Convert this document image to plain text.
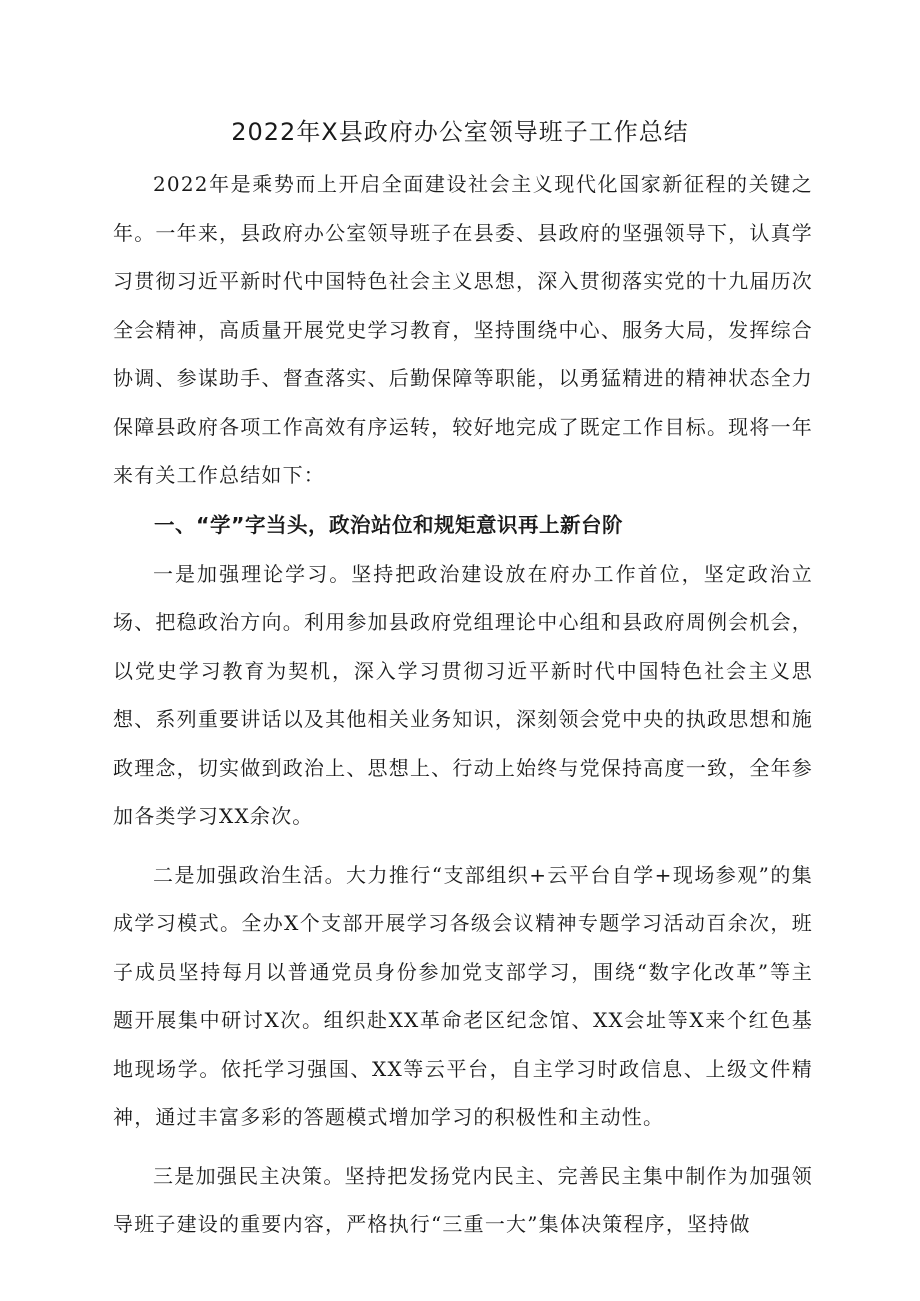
2022年X县政府办公室领导班子工作总结

2022年是乘势而上开启全面建设社会主义现代化国家新征程的关键之年。一年来，县政府办公室领导班子在县委、县政府的坚强领导下，认真学习贯彻习近平新时代中国特色社会主义思想，深入贯彻落实党的十九届历次全会精神，高质量开展党史学习教育，坚持围绕中心、服务大局，发挥综合协调、参谋助手、督查落实、后勤保障等职能，以勇猛精进的精神状态全力保障县政府各项工作高效有序运转，较好地完成了既定工作目标。现将一年来有关工作总结如下：

一、“学”字当头，政治站位和规矩意识再上新台阶

一是加强理论学习。坚持把政治建设放在府办工作首位，坚定政治立场、把稳政治方向。利用参加县政府党组理论中心组和县政府周例会机会，以党史学习教育为契机，深入学习贯彻习近平新时代中国特色社会主义思想、系列重要讲话以及其他相关业务知识，深刻领会党中央的执政思想和施政理念，切实做到政治上、思想上、行动上始终与党保持高度一致，全年参加各类学习XX余次。

二是加强政治生活。大力推行“支部组织+云平台自学+现场参观”的集成学习模式。全办X个支部开展学习各级会议精神专题学习活动百余次，班子成员坚持每月以普通党员身份参加党支部学习，围绕“数字化改革”等主题开展集中研讨X次。组织赴XX革命老区纪念馆、XX会址等X来个红色基地现场学。依托学习强国、XX等云平台，自主学习时政信息、上级文件精神，通过丰富多彩的答题模式增加学习的积极性和主动性。

三是加强民主决策。坚持把发扬党内民主、完善民主集中制作为加强领导班子建设的重要内容，严格执行“三重一大”集体决策程序，坚持做
